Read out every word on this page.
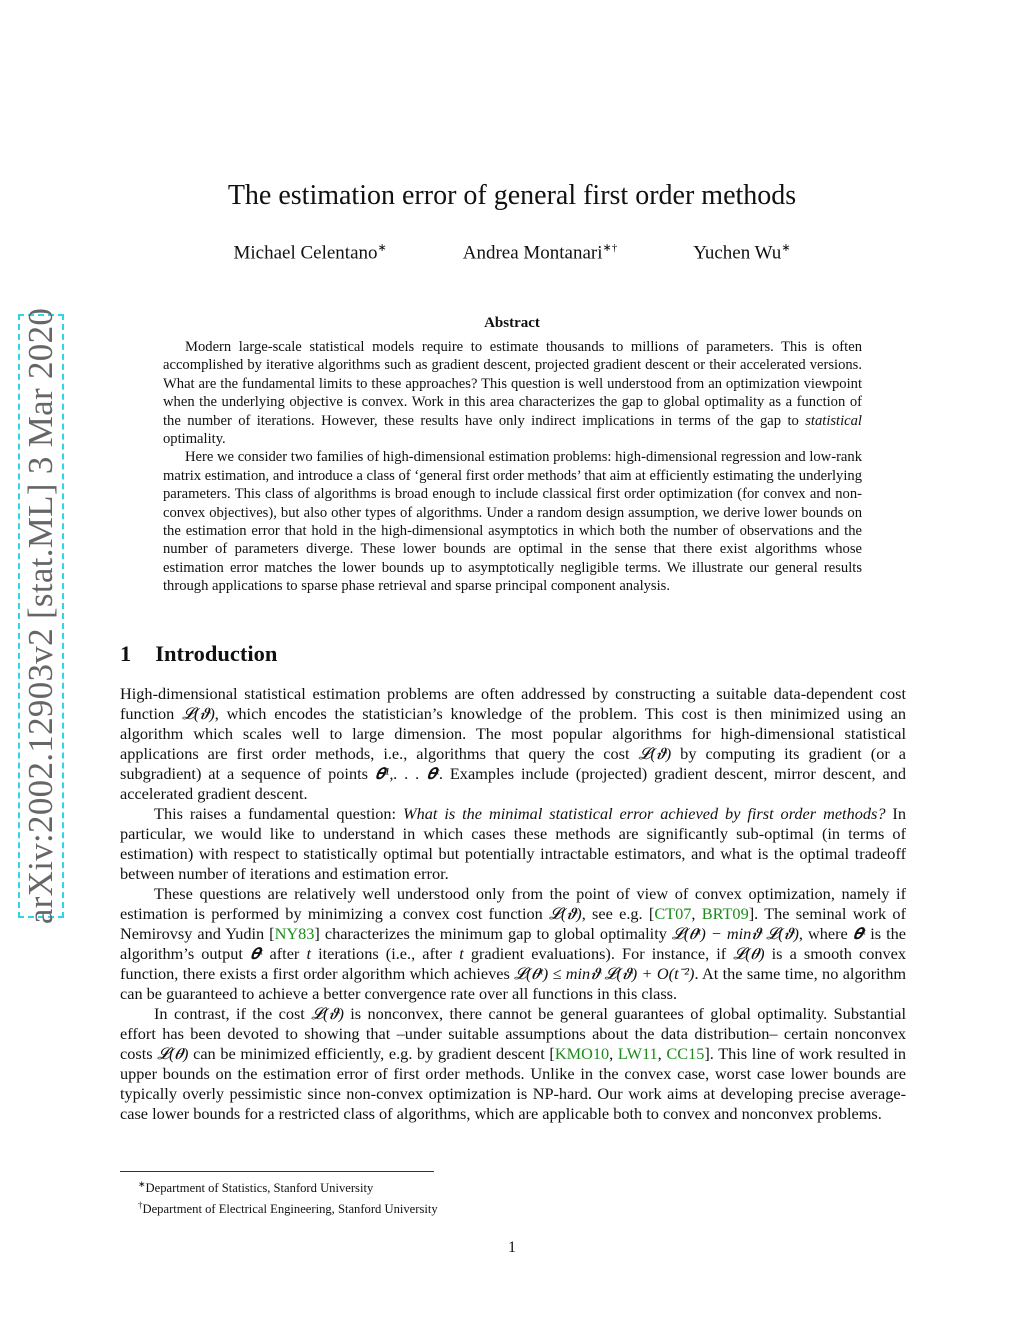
arXiv:2002.12903v2 [stat.ML] 3 Mar 2020
The estimation error of general first order methods
Michael Celentano∗	Andrea Montanari∗†	Yuchen Wu∗
Abstract

Modern large-scale statistical models require to estimate thousands to millions of parameters. This is often accomplished by iterative algorithms such as gradient descent, projected gradient descent or their accelerated versions. What are the fundamental limits to these approaches? This question is well understood from an optimization viewpoint when the underlying objective is convex. Work in this area characterizes the gap to global optimality as a function of the number of iterations. However, these results have only indirect implications in terms of the gap to statistical optimality.

Here we consider two families of high-dimensional estimation problems: high-dimensional regression and low-rank matrix estimation, and introduce a class of ‘general first order methods’ that aim at efficiently estimating the underlying parameters. This class of algorithms is broad enough to include classical first order optimization (for convex and non-convex objectives), but also other types of algorithms. Under a random design assumption, we derive lower bounds on the estimation error that hold in the high-dimensional asymptotics in which both the number of observations and the number of parameters diverge. These lower bounds are optimal in the sense that there exist algorithms whose estimation error matches the lower bounds up to asymptotically negligible terms. We illustrate our general results through applications to sparse phase retrieval and sparse principal component analysis.

1 Introduction

High-dimensional statistical estimation problems are often addressed by constructing a suitable data-dependent cost function 𝓛(𝝑), which encodes the statistician’s knowledge of the problem. This cost is then minimized using an algorithm which scales well to large dimension. The most popular algorithms for high-dimensional statistical applications are first order methods, i.e., algorithms that query the cost 𝓛(𝝑) by computing its gradient (or a subgradient) at a sequence of points 𝜽¹,. . . 𝜽ᵗ. Examples include (projected) gradient descent, mirror descent, and accelerated gradient descent.

This raises a fundamental question: What is the minimal statistical error achieved by first order methods? In particular, we would like to understand in which cases these methods are significantly sub-optimal (in terms of estimation) with respect to statistically optimal but potentially intractable estimators, and what is the optimal tradeoff between number of iterations and estimation error.

These questions are relatively well understood only from the point of view of convex optimization, namely if estimation is performed by minimizing a convex cost function 𝓛(𝝑), see e.g. [CT07, BRT09]. The seminal work of Nemirovsy and Yudin [NY83] characterizes the minimum gap to global optimality 𝓛(𝜽ᵗ) − min𝝑 𝓛(𝝑), where 𝜽ᵗ is the algorithm’s output 𝜽ᵗ after t iterations (i.e., after t gradient evaluations). For instance, if 𝓛(𝜽) is a smooth convex function, there exists a first order algorithm which achieves 𝓛(𝜽ᵗ) ≤ min𝝑 𝓛(𝝑) + O(t⁻²). At the same time, no algorithm can be guaranteed to achieve a better convergence rate over all functions in this class.

In contrast, if the cost 𝓛(𝝑) is nonconvex, there cannot be general guarantees of global optimality. Substantial effort has been devoted to showing that –under suitable assumptions about the data distribution– certain nonconvex costs 𝓛(𝜽) can be minimized efficiently, e.g. by gradient descent [KMO10, LW11, CC15]. This line of work resulted in upper bounds on the estimation error of first order methods. Unlike in the convex case, worst case lower bounds are typically overly pessimistic since non-convex optimization is NP-hard. Our work aims at developing precise average-case lower bounds for a restricted class of algorithms, which are applicable both to convex and nonconvex problems.

∗Department of Statistics, Stanford University
†Department of Electrical Engineering, Stanford University
1
